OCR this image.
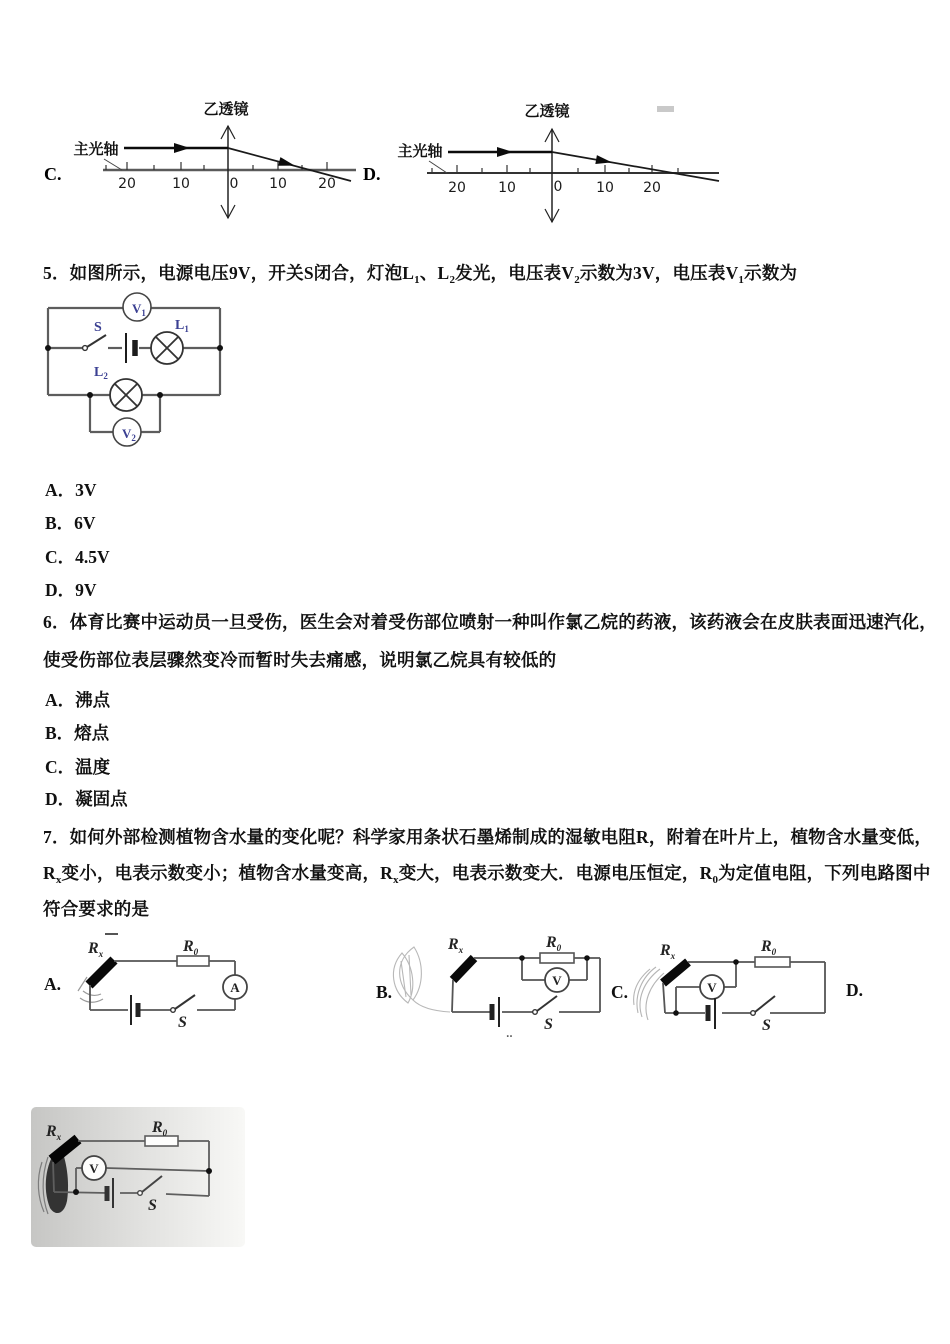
C.
乙透镜
20	10	0 10 20
主光轴
D.
乙透镜
20 10	0 10 20
主光轴
5．如图所示，电源电压9V，开关S闭合，灯泡$L_1$、$L_2$发光，电压表$V_2$示数为3V，电压表$V_1$示数为
$V_1$
S	$L_1$
$L_2$
$V_2$
A．3V
B．6V
C．4.5V
D．9V
6．体育比赛中运动员一旦受伤，医生会对着受伤部位喷射一种叫作氯乙烷的药液，该药液会在皮肤表面迅速汽化，
使受伤部位表层骤然变冷而暂时失去痛感，说明氯乙烷具有较低的
A．沸点
B．熔点
C．温度
D．凝固点
7．如何外部检测植物含水量的变化呢？科学家用条状石墨烯制成的湿敏电阻R，附着在叶片上，植物含水量变低，
$R_x$变小，电表示数变小；植物含水量变高，$R_x$变大，电表示数变大．电源电压恒定，$R_0$为定值电阻，下列电路图中
符合要求的是
A.	B.	C.	D.
$R_x$	$R_0$
A
S
$R_x$	$R_0$
V
S
‥
$R_x$
$R_0$
V
S
$R_x$
$R_0$
V
S
